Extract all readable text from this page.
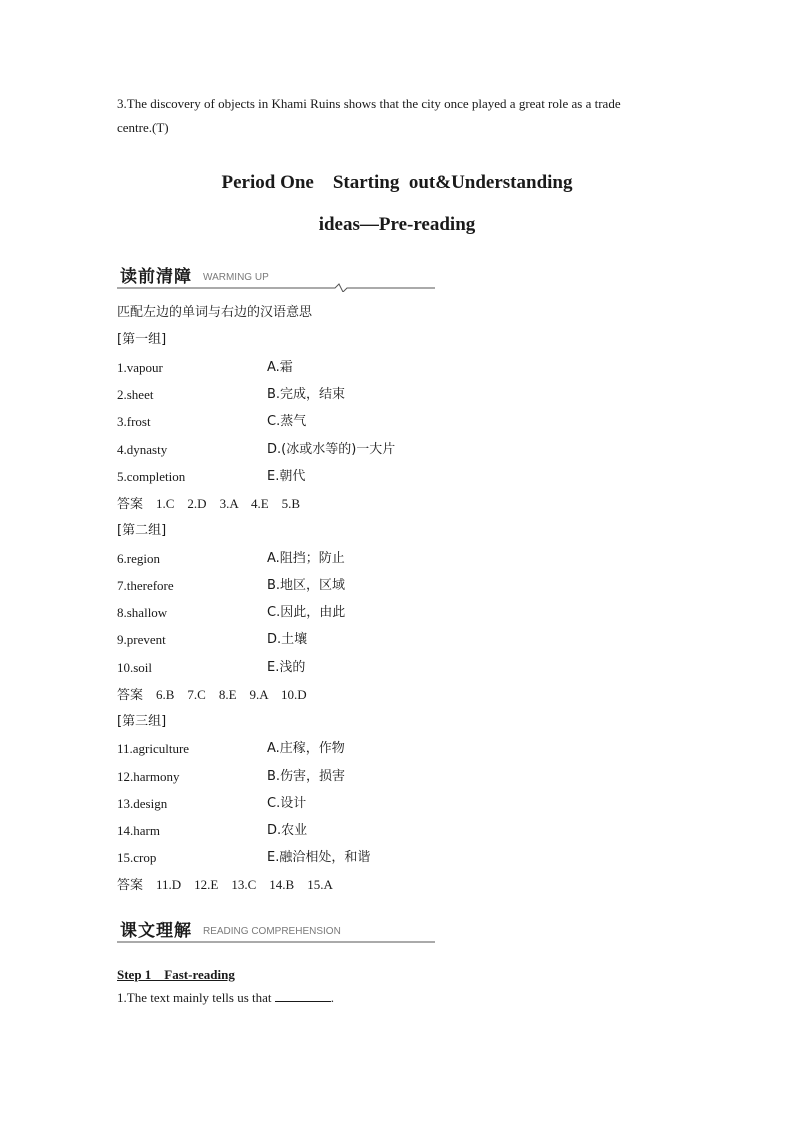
3.The discovery of objects in Khami Ruins shows that the city once played a great role as a trade
centre.(T)
Period One    Starting  out&Understanding
ideas—Pre-reading
读前清障 WARMING UP
匹配左边的单词与右边的汉语意思
[第一组]
1.vapour	A.霜
2.sheet	B.完成，结束
3.frost	C.蒸气
4.dynasty	D.(冰或水等的)一大片
5.completion	E.朝代
答案 1.C    2.D    3.A    4.E    5.B
[第二组]
6.region	A.阻挡；防止
7.therefore	B.地区，区域
8.shallow	C.因此，由此
9.prevent	D.土壤
10.soil	E.浅的
答案 6.B    7.C    8.E    9.A    10.D
[第三组]
11.agriculture	A.庄稼，作物
12.harmony	B.伤害，损害
13.design	C.设计
14.harm	D.农业
15.crop	E.融洽相处，和谐
答案 11.D    12.E    13.C    14.B    15.A
课文理解 READING COMPREHENSION
Step 1    Fast-reading
1.The text mainly tells us that	.
